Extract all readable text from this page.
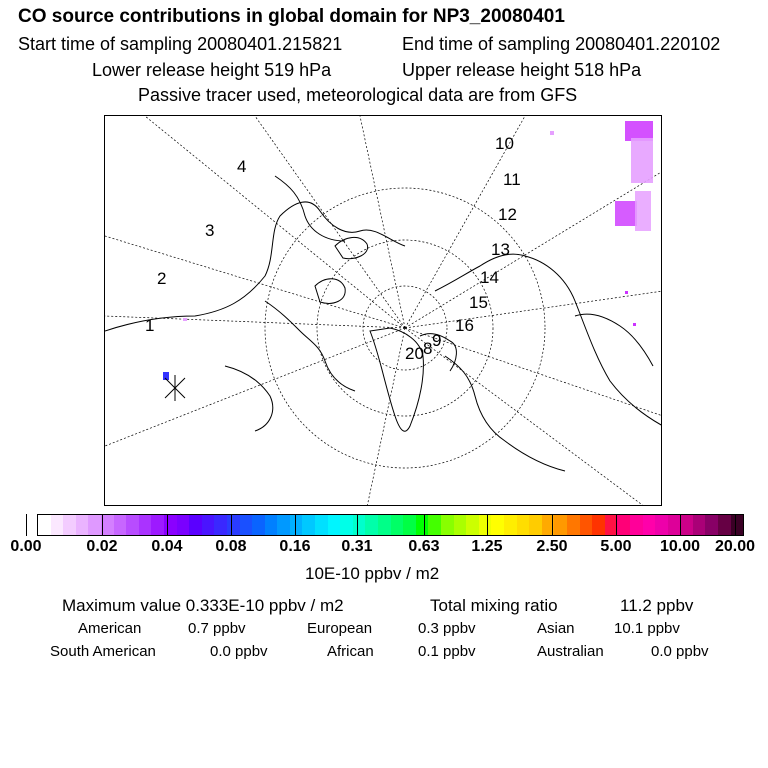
CO source contributions in global domain for NP3_20080401
Start time of sampling 20080401.215821	End time of sampling 20080401.220102
Lower release height 519 hPa	Upper release height 518 hPa
Passive tracer used, meteorological data are from GFS
1
2
3
4
10
11
12
13
14
15
16
20 8 9
0.00	0.02 0.04 0.08 0.16 0.31 0.63 1.25 2.50 5.00 10.00 20.00
10E-10 ppbv / m2
Maximum value 0.333E-10 ppbv / m2	Total mixing ratio	11.2 ppbv
American	0.7 ppbv	European	0.3 ppbv	Asian	10.1 ppbv
South American	0.0 ppbv	African	0.1 ppbv	Australian	0.0 ppbv
